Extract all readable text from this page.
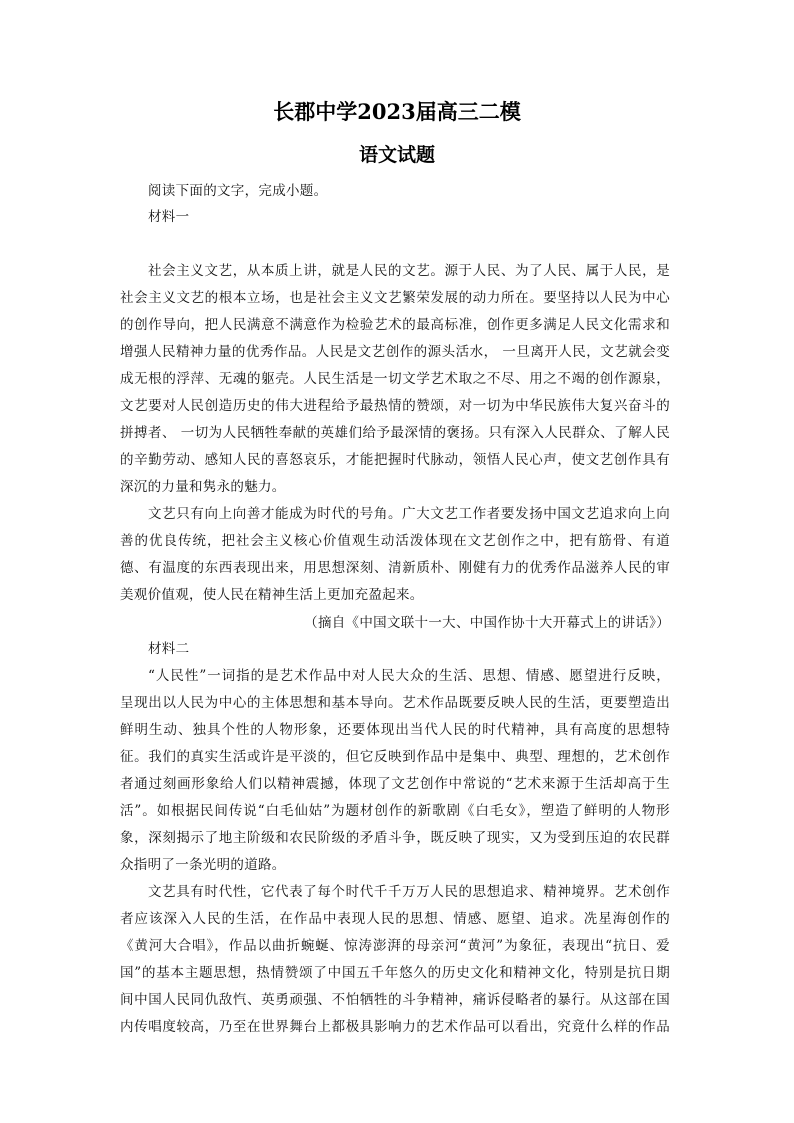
长郡中学2023届高三二模
语文试题
阅读下面的文字，完成小题。
材料一
社会主义文艺，从本质上讲，就是人民的文艺。源于人民、为了人民、属于人民，是
社会主义文艺的根本立场，也是社会主义文艺繁荣发展的动力所在。要坚持以人民为中心
的创作导向，把人民满意不满意作为检验艺术的最高标准，创作更多满足人民文化需求和
增强人民精神力量的优秀作品。人民是文艺创作的源头活水， 一旦离开人民，文艺就会变
成无根的浮萍、无魂的躯壳。人民生活是一切文学艺术取之不尽、用之不竭的创作源泉，
文艺要对人民创造历史的伟大进程给予最热情的赞颂，对一切为中华民族伟大复兴奋斗的
拼搏者、 一切为人民牺牲奉献的英雄们给予最深情的褒扬。只有深入人民群众、了解人民
的辛勤劳动、感知人民的喜怒哀乐，才能把握时代脉动，领悟人民心声，使文艺创作具有
深沉的力量和隽永的魅力。
文艺只有向上向善才能成为时代的号角。广大文艺工作者要发扬中国文艺追求向上向
善的优良传统，把社会主义核心价值观生动活泼体现在文艺创作之中，把有筋骨、有道
德、有温度的东西表现出来，用思想深刻、清新质朴、刚健有力的优秀作品滋养人民的审
美观价值观，使人民在精神生活上更加充盈起来。
（摘自《中国文联十一大、中国作协十大开幕式上的讲话》）
材料二
“人民性”一词指的是艺术作品中对人民大众的生活、思想、情感、愿望进行反映，
呈现出以人民为中心的主体思想和基本导向。艺术作品既要反映人民的生活，更要塑造出
鲜明生动、独具个性的人物形象，还要体现出当代人民的时代精神，具有高度的思想特
征。我们的真实生活或许是平淡的，但它反映到作品中是集中、典型、理想的，艺术创作
者通过刻画形象给人们以精神震撼，体现了文艺创作中常说的“艺术来源于生活却高于生
活”。如根据民间传说“白毛仙姑”为题材创作的新歌剧《白毛女》，塑造了鲜明的人物形
象，深刻揭示了地主阶级和农民阶级的矛盾斗争，既反映了现实，又为受到压迫的农民群
众指明了一条光明的道路。
文艺具有时代性，它代表了每个时代千千万万人民的思想追求、精神境界。艺术创作
者应该深入人民的生活，在作品中表现人民的思想、情感、愿望、追求。冼星海创作的
《黄河大合唱》，作品以曲折蜿蜒、惊涛澎湃的母亲河“黄河”为象征，表现出“抗日、爱
国”的基本主题思想，热情赞颂了中国五千年悠久的历史文化和精神文化，特别是抗日期
间中国人民同仇敌忾、英勇顽强、不怕牺牲的斗争精神，痛诉侵略者的暴行。从这部在国
内传唱度较高，乃至在世界舞台上都极具影响力的艺术作品可以看出，究竟什么样的作品
